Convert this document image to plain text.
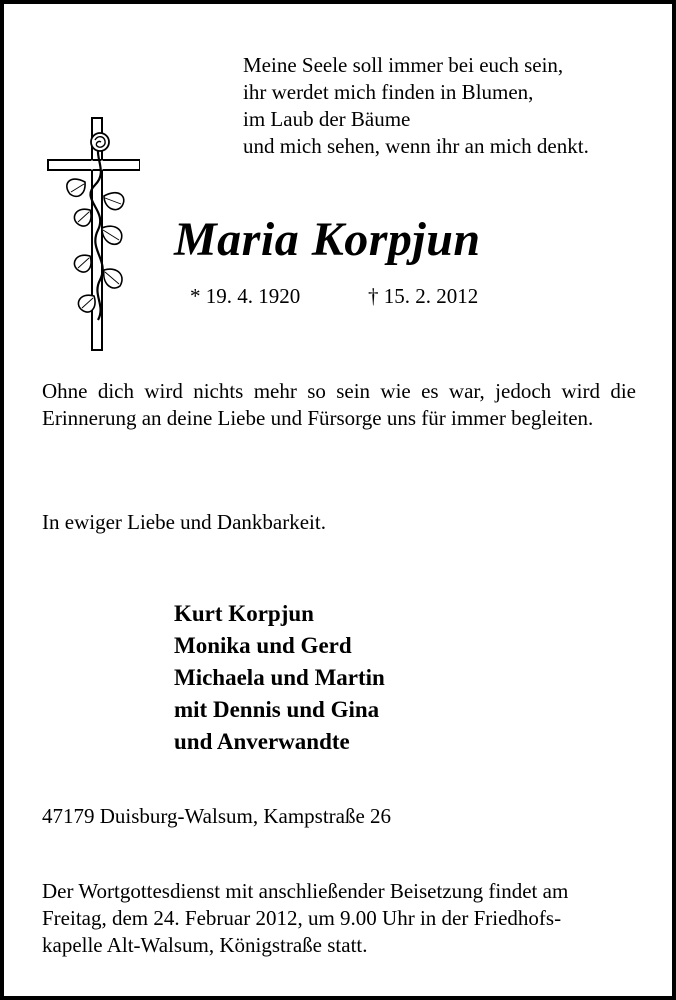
Meine Seele soll immer bei euch sein,
ihr werdet mich finden in Blumen,
im Laub der Bäume
und mich sehen, wenn ihr an mich denkt.
Maria Korpjun
* 19. 4. 1920	† 15. 2. 2012
Ohne dich wird nichts mehr so sein wie es war, jedoch wird die Erinnerung an deine Liebe und Fürsorge uns für immer begleiten.
In ewiger Liebe und Dankbarkeit.
Kurt Korpjun
Monika und Gerd
Michaela und Martin
mit Dennis und Gina
und Anverwandte
47179 Duisburg-Walsum, Kampstraße 26
Der Wortgottesdienst mit anschließender Beisetzung findet am
Freitag, dem 24. Februar 2012, um 9.00 Uhr in der Friedhofs-
kapelle Alt-Walsum, Königstraße statt.
